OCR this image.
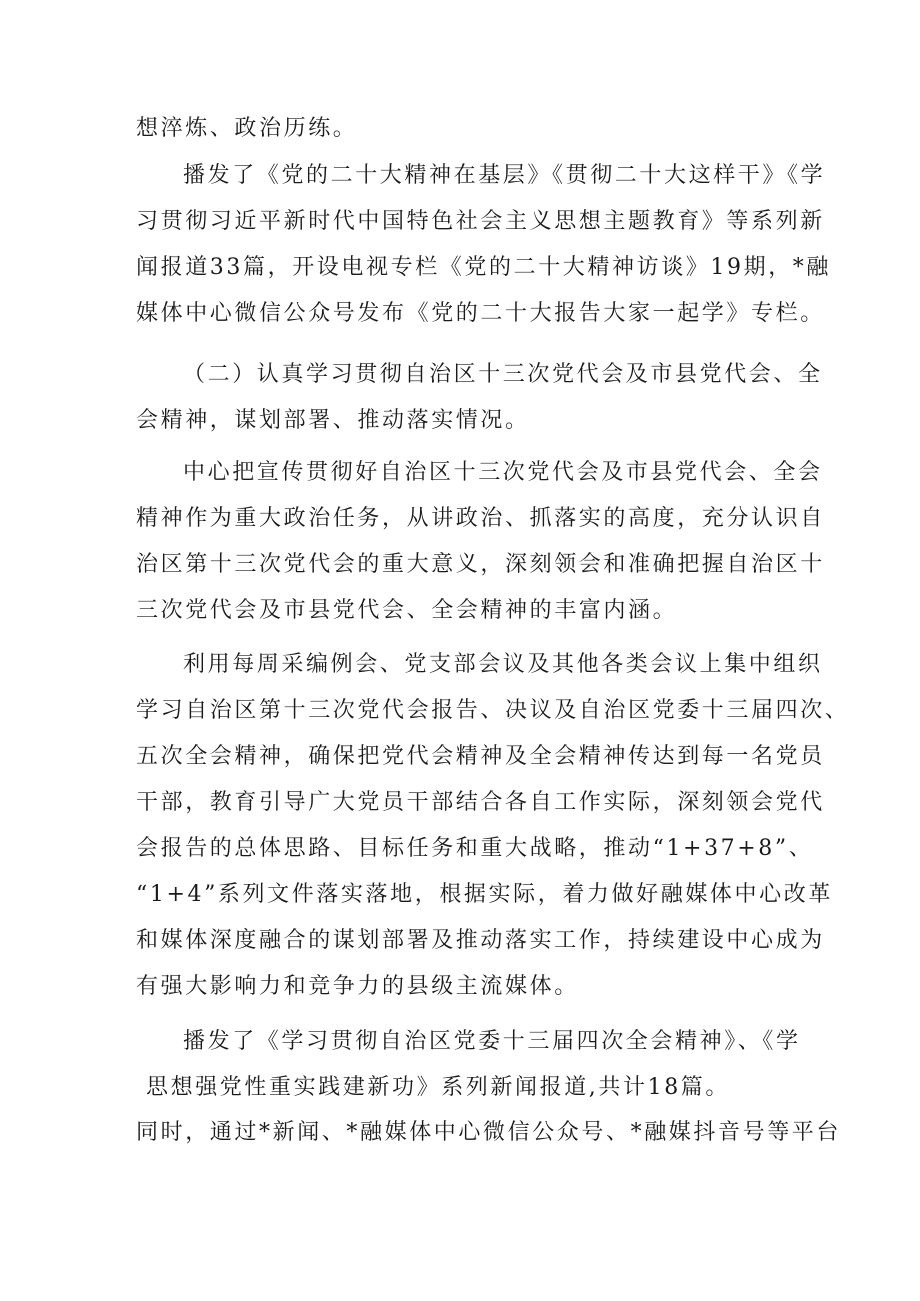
想淬炼、政治历练。
播发了《党的二十大精神在基层》《贯彻二十大这样干》《学
习贯彻习近平新时代中国特色社会主义思想主题教育》等系列新
闻报道33篇，开设电视专栏《党的二十大精神访谈》19期，*融
媒体中心微信公众号发布《党的二十大报告大家一起学》专栏。
（二）认真学习贯彻自治区十三次党代会及市县党代会、全
会精神，谋划部署、推动落实情况。
中心把宣传贯彻好自治区十三次党代会及市县党代会、全会
精神作为重大政治任务，从讲政治、抓落实的高度，充分认识自
治区第十三次党代会的重大意义，深刻领会和准确把握自治区十
三次党代会及市县党代会、全会精神的丰富内涵。
利用每周采编例会、党支部会议及其他各类会议上集中组织
学习自治区第十三次党代会报告、决议及自治区党委十三届四次、
五次全会精神，确保把党代会精神及全会精神传达到每一名党员
干部，教育引导广大党员干部结合各自工作实际，深刻领会党代
会报告的总体思路、目标任务和重大战略，推动“1+37+8”、
“1+4”系列文件落实落地，根据实际，着力做好融媒体中心改革
和媒体深度融合的谋划部署及推动落实工作，持续建设中心成为
有强大影响力和竞争力的县级主流媒体。
播发了《学习贯彻自治区党委十三届四次全会精神》、《学
思想强党性重实践建新功》系列新闻报道,共计18篇。
同时，通过*新闻、*融媒体中心微信公众号、*融媒抖音号等平台
